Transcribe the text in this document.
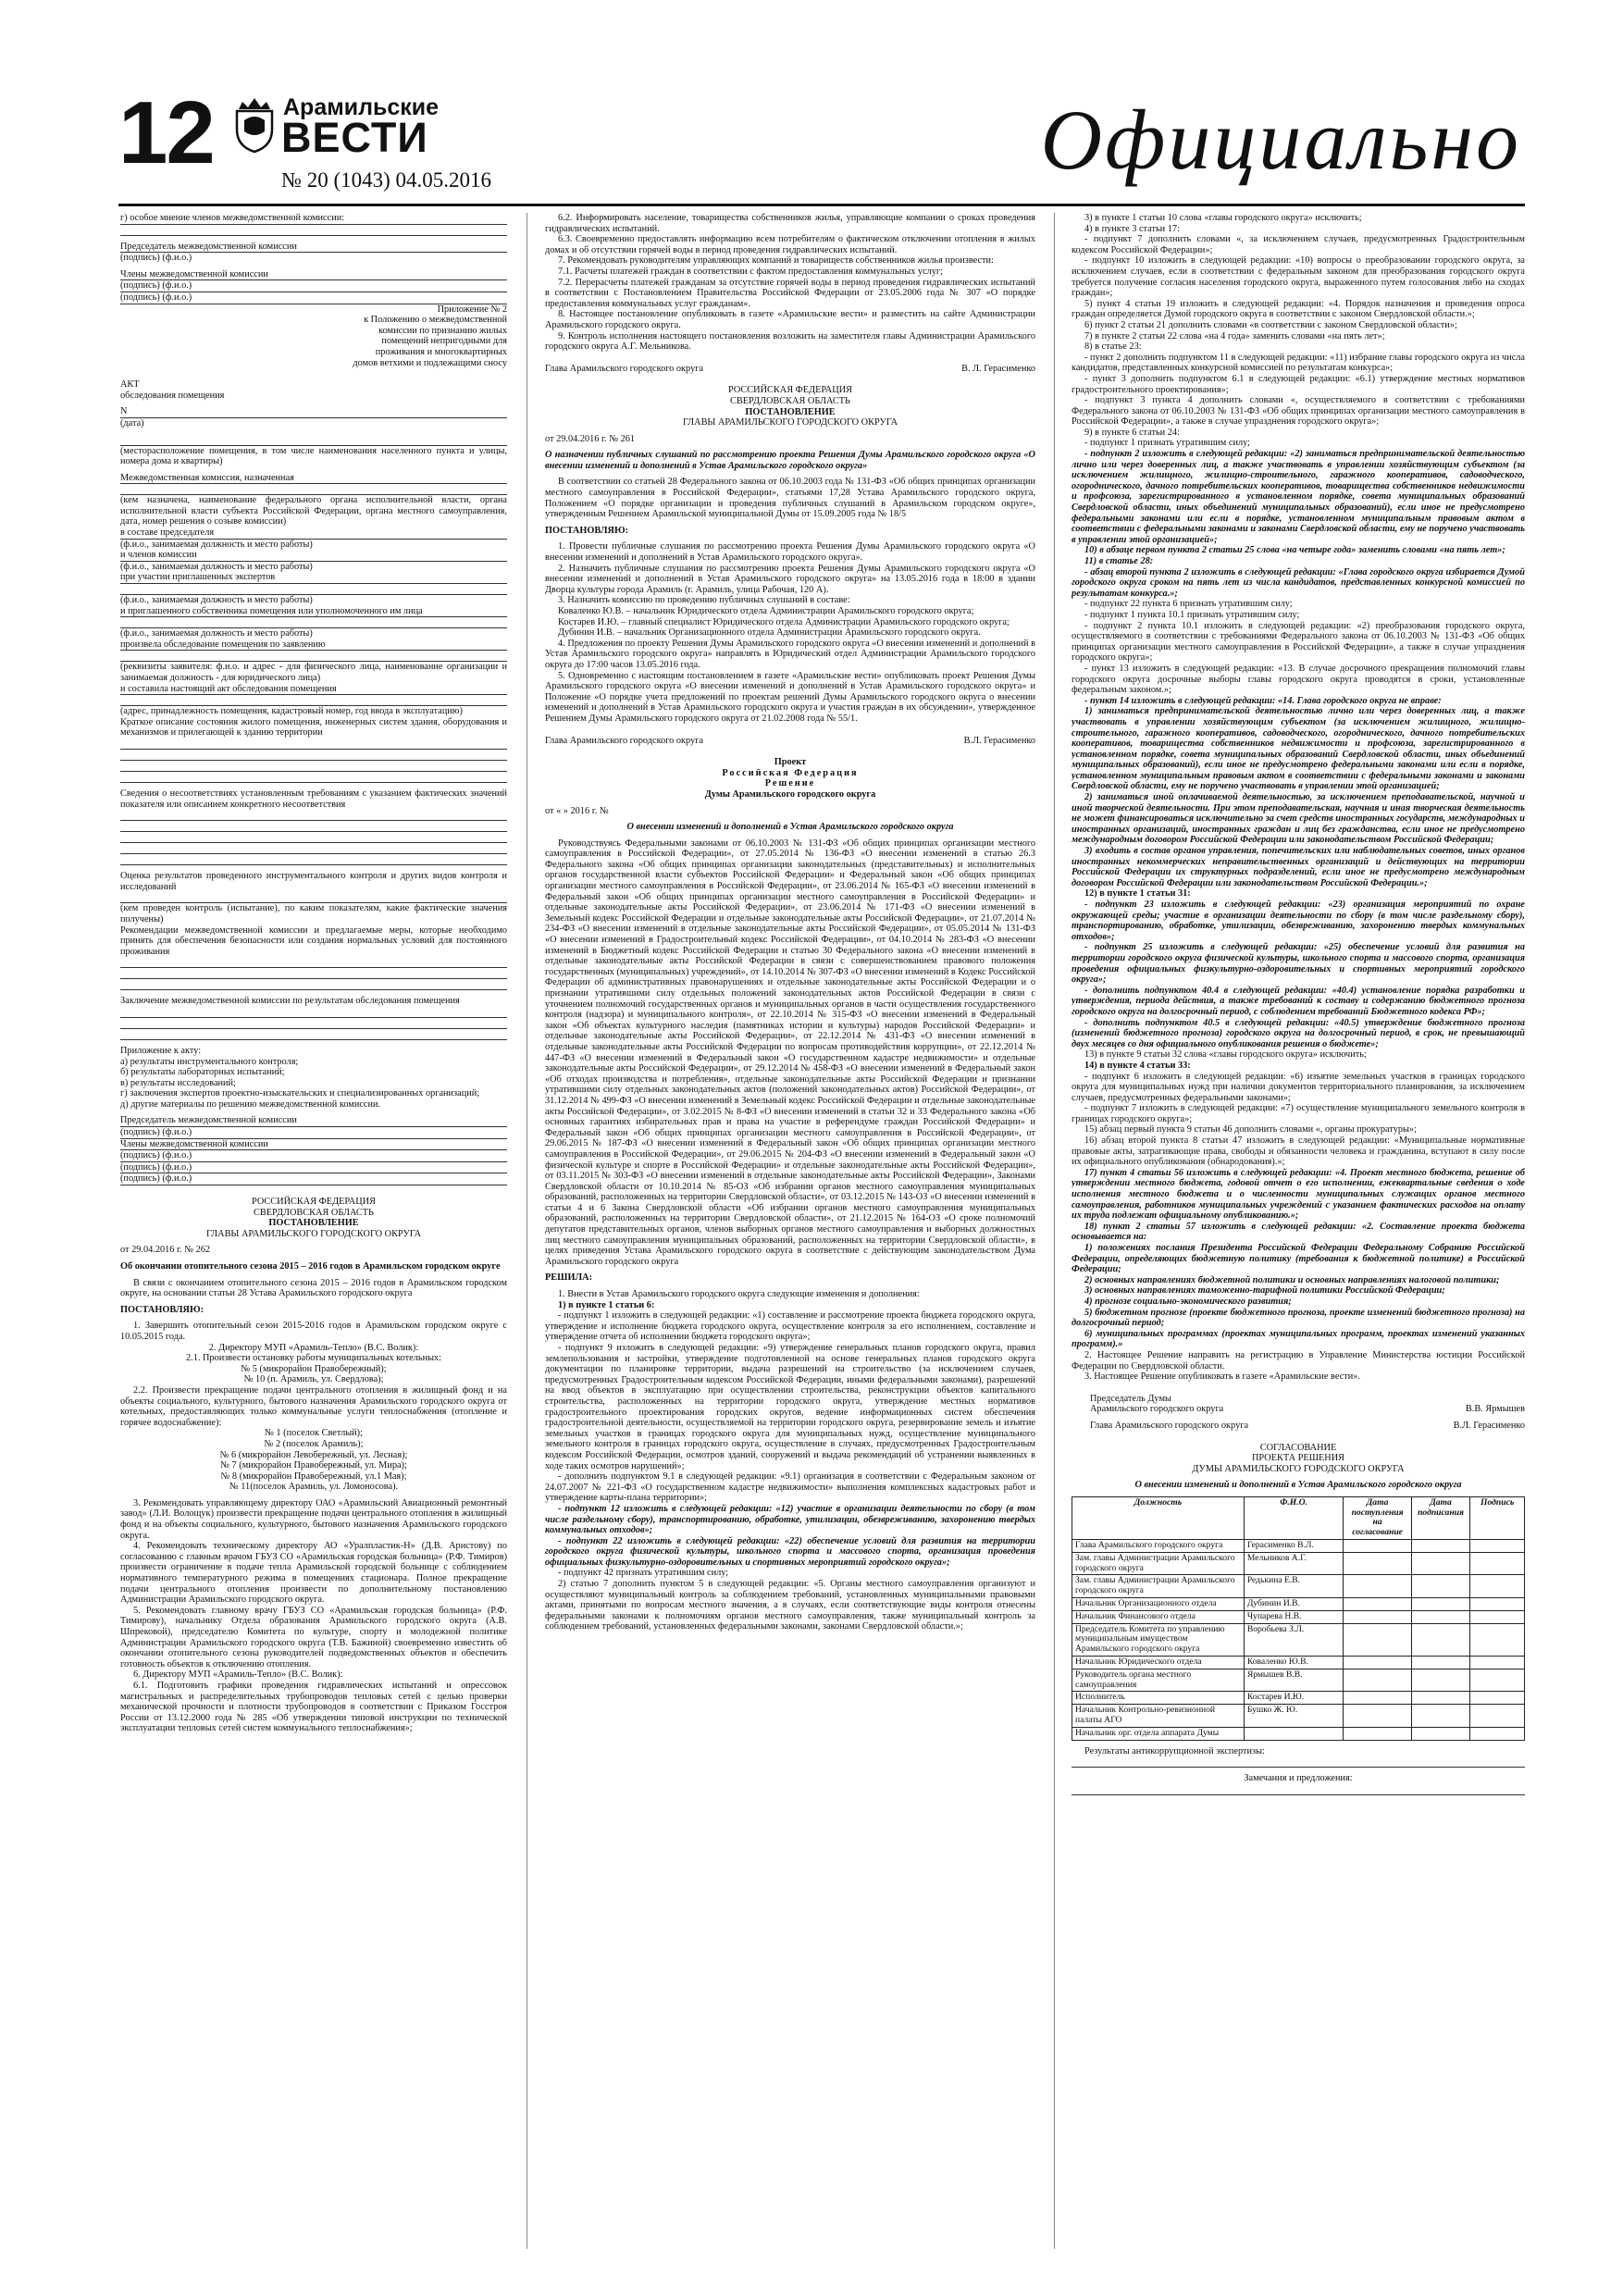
12	Арамильские
ВЕСТИ
№ 20 (1043) 04.05.2016	Официально
г) особое мнение членов межведомственной комиссии:
Председатель межведомственной комиссии
(подпись) (ф.и.о.)
Члены межведомственной комиссии
(подпись) (ф.и.о.)
(подпись) (ф.и.о.)
Приложение № 2
к Положению о межведомственной
комиссии по признанию жилых
помещений непригодными для
проживания и многоквартирных
домов ветхими и подлежащими сносу
АКТ
обследования помещения
N
(дата)
(месторасположение помещения, в том числе наименования населенного пункта и улицы, номера дома и квартиры)
Межведомственная комиссия, назначенная
(кем назначена, наименование федерального органа исполнительной власти, органа исполнительной власти субъекта Российской Федерации, органа местного самоуправления, дата, номер решения о созыве комиссии)
в составе председателя
(ф.и.о., занимаемая должность и место работы)
и членов комиссии
(ф.и.о., занимаемая должность и место работы)
при участии приглашенных экспертов
(ф.и.о., занимаемая должность и место работы)
и приглашенного собственника помещения или уполномоченного им лица
(ф.и.о., занимаемая должность и место работы)
произвела обследование помещения по заявлению
(реквизиты заявителя: ф.и.о. и адрес - для физического лица, наименование организации и занимаемая должность - для юридического лица)
и составила настоящий акт обследования помещения
(адрес, принадлежность помещения, кадастровый номер, год ввода в эксплуатацию)
Краткое описание состояния жилого помещения, инженерных систем здания, оборудования и механизмов и прилегающей к зданию территории
Сведения о несоответствиях установленным требованиям с указанием фактических значений показателя или описанием конкретного несоответствия
Оценка результатов проведенного инструментального контроля и других видов контроля и исследований
(кем проведен контроль (испытание), по каким показателям, какие фактические значения получены)
Рекомендации межведомственной комиссии и предлагаемые меры, которые необходимо принять для обеспечения безопасности или создания нормальных условий для постоянного проживания
Заключение межведомственной комиссии по результатам обследования помещения
Приложение к акту:
а) результаты инструментального контроля;
б) результаты лабораторных испытаний;
в) результаты исследований;
г) заключения экспертов проектно-изыскательских и специализированных организаций;
д) другие материалы по решению межведомственной комиссии.
Председатель межведомственной комиссии
(подпись) (ф.и.о.)
Члены межведомственной комиссии
(подпись) (ф.и.о.)
(подпись) (ф.и.о.)
(подпись) (ф.и.о.)
РОССИЙСКАЯ ФЕДЕРАЦИЯ
СВЕРДЛОВСКАЯ ОБЛАСТЬ
ПОСТАНОВЛЕНИЕ
ГЛАВЫ АРАМИЛЬСКОГО ГОРОДСКОГО ОКРУГА
от 29.04.2016 г. № 262
Об окончании отопительного сезона 2015 – 2016 годов в Арамильском городском округе
В связи с окончанием отопительного сезона 2015 – 2016 годов в Арамильском городском округе, на основании статьи 28 Устава Арамильского городского округа
ПОСТАНОВЛЯЮ:
1. Завершить отопительный сезон 2015-2016 годов в Арамильском городском округе с 10.05.2015 года.
2. Директору МУП «Арамиль-Тепло» (В.С. Волик):
2.1. Произвести остановку работы муниципальных котельных:
№ 5 (микрорайон Правобережный);
№ 10 (п. Арамиль, ул. Свердлова);
2.2. Произвести прекращение подачи центрального отопления в жилищный фонд и на объекты социального, культурного, бытового назначения Арамильского городского округа от котельных, предоставляющих только коммунальные услуги теплоснабжения (отопление и горячее водоснабжение):
№ 1 (поселок Светлый);
№ 2 (поселок Арамиль);
№ 6 (микрорайон Левобережный, ул. Лесная);
№ 7 (микрорайон Правобережный, ул. Мира);
№ 8 (микрорайон Правобережный, ул.1 Мая);
№ 11(поселок Арамиль, ул. Ломоносова).
3. Рекомендовать управляющему директору ОАО «Арамильский Авиационный ремонтный завод» (Л.И. Волощук) произвести прекращение подачи центрального отопления в жилищный фонд и на объекты социального, культурного, бытового назначения Арамильского городского округа.
4. Рекомендовать техническому директору АО «Уралпластик-Н» (Д.В. Аристову) по согласованию с главным врачом ГБУЗ СО «Арамильская городская больница» (Р.Ф. Тимиров) произвести ограничение в подаче тепла Арамильской городской больнице с соблюдением нормативного температурного режима в помещениях стационара. Полное прекращение подачи центрального отопления произвести по дополнительному постановлению Администрации Арамильского городского округа.
5. Рекомендовать главному врачу ГБУЗ СО «Арамильская городская больница» (Р.Ф. Тимирову), начальнику Отдела образования Арамильского городского округа (А.В. Шпрековой), председателю Комитета по культуре, спорту и молодежной политике Администрации Арамильского городского округа (Т.В. Бажиной) своевременно известить об окончании отопительного сезона руководителей подведомственных объектов и обеспечить готовность объектов к отключению отопления.
6. Директору МУП «Арамиль-Тепло» (В.С. Волик):
6.1. Подготовить графики проведения гидравлических испытаний и опрессовок магистральных и распределительных трубопроводов тепловых сетей с целью проверки механической прочности и плотности трубопроводов в соответствии с Приказом Госстроя России от 13.12.2000 года № 285 «Об утверждении типовой инструкции по технической эксплуатации тепловых сетей систем коммунального теплоснабжения»;
6.2. Информировать население, товарищества собственников жилья, управляющие компании о сроках проведения гидравлических испытаний.
6.3. Своевременно предоставлять информацию всем потребителям о фактическом отключении отопления в жилых домах и об отсутствии горячей воды в период проведения гидравлических испытаний.
7. Рекомендовать руководителям управляющих компаний и товариществ собственников жилья произвести:
7.1. Расчеты платежей граждан в соответствии с фактом предоставления коммунальных услуг;
7.2. Перерасчеты платежей гражданам за отсутствие горячей воды в период проведения гидравлических испытаний в соответствии с Постановлением Правительства Российской Федерации от 23.05.2006 года № 307 «О порядке предоставления коммунальных услуг гражданам».
8. Настоящее постановление опубликовать в газете «Арамильские вести» и разместить на сайте Администрации Арамильского городского округа.
9. Контроль исполнения настоящего постановления возложить на заместителя главы Администрации Арамильского городского округа А.Г. Мельникова.
Глава Арамильского городского округа	В. Л. Герасименко
РОССИЙСКАЯ ФЕДЕРАЦИЯ
СВЕРДЛОВСКАЯ ОБЛАСТЬ
ПОСТАНОВЛЕНИЕ
ГЛАВЫ АРАМИЛЬСКОГО ГОРОДСКОГО ОКРУГА
от 29.04.2016 г. № 261
О назначении публичных слушаний по рассмотрению проекта Решения Думы Арамильского городского округа «О внесении изменений и дополнений в Устав Арамильского городского округа»
В соответствии со статьей 28 Федерального закона от 06.10.2003 года № 131-ФЗ «Об общих принципах организации местного самоуправления в Российской Федерации», статьями 17,28 Устава Арамильского городского округа, Положением «О порядке организации и проведения публичных слушаний в Арамильском городском округе», утвержденным Решением Арамильской муниципальной Думы от 15.09.2005 года № 18/5
ПОСТАНОВЛЯЮ:
1. Провести публичные слушания по рассмотрению проекта Решения Думы Арамильского городского округа «О внесении изменений и дополнений в Устав Арамильского городского округа».
2. Назначить публичные слушания по рассмотрению проекта Решения Думы Арамильского городского округа «О внесении изменений и дополнений в Устав Арамильского городского округа» на 13.05.2016 года в 18:00 в здании Дворца культуры города Арамиль (г. Арамиль, улица Рабочая, 120 А).
3. Назначить комиссию по проведению публичных слушаний в составе:
Коваленко Ю.В. – начальник Юридического отдела Администрации Арамильского городского округа;
Костарев И.Ю. – главный специалист Юридического отдела Администрации Арамильского городского округа;
Дубинин И.В. – начальник Организационного отдела Администрации Арамильского городского округа.
4. Предложения по проекту Решения Думы Арамильского городского округа «О внесении изменений и дополнений в Устав Арамильского городского округа» направлять в Юридический отдел Администрации Арамильского городского округа до 17:00 часов 13.05.2016 года.
5. Одновременно с настоящим постановлением в газете «Арамильские вести» опубликовать проект Решения Думы Арамильского городского округа «О внесении изменений и дополнений в Устав Арамильского городского округа» и Положение «О порядке учета предложений по проектам решений Думы Арамильского городского округа о внесении изменений и дополнений в Устав Арамильского городского округа и участия граждан в их обсуждении», утвержденное Решением Думы Арамильского городского округа от 21.02.2008 года № 55/1.
Глава Арамильского городского округа	В.Л. Герасименко
Проект
Российская Федерация
Решение
Думы Арамильского городского округа
от « » 2016 г. №
О внесении изменений и дополнений в Устав Арамильского городского округа
Руководствуясь Федеральными законами от 06.10.2003 № 131-ФЗ «Об общих принципах организации местного самоуправления в Российской Федерации», от 27.05.2014 № 136-ФЗ «О внесении изменений в статью 26.3 Федерального закона «Об общих принципах организации законодательных (представительных) и исполнительных органов государственной власти субъектов Российской Федерации» и Федеральный закон «Об общих принципах организации местного самоуправления в Российской Федерации», от 23.06.2014 № 165-ФЗ «О внесении изменений в Федеральный закон «Об общих принципах организации местного самоуправления в Российской Федерации» и отдельные законодательные акты Российской Федерации», от 23.06.2014 № 171-ФЗ «О внесении изменений в Земельный кодекс Российской Федерации и отдельные законодательные акты Российской Федерации», от 21.07.2014 № 234-ФЗ «О внесении изменений в отдельные законодательные акты Российской Федерации», от 05.05.2014 № 131-ФЗ «О внесении изменений в Градостроительный кодекс Российской Федерации», от 04.10.2014 № 283-ФЗ «О внесении изменений в Бюджетный кодекс Российской Федерации и статью 30 Федерального закона «О внесении изменений в отдельные законодательные акты Российской Федерации в связи с совершенствованием правового положения государственных (муниципальных) учреждений», от 14.10.2014 № 307-ФЗ «О внесении изменений в Кодекс Российской Федерации об административных правонарушениях и отдельные законодательные акты Российской Федерации и о признании утратившими силу отдельных положений законодательных актов Российской Федерации в связи с уточнением полномочий государственных органов и муниципальных органов в части осуществления государственного контроля (надзора) и муниципального контроля», от 22.10.2014 № 315-ФЗ «О внесении изменений в Федеральный закон «Об объектах культурного наследия (памятниках истории и культуры) народов Российской Федерации» и отдельные законодательные акты Российской Федерации», от 22.12.2014 № 431-ФЗ «О внесении изменений в отдельные законодательные акты Российской Федерации по вопросам противодействия коррупции», от 22.12.2014 № 447-ФЗ «О внесении изменений в Федеральный закон «О государственном кадастре недвижимости» и отдельные законодательные акты Российской Федерации», от 29.12.2014 № 458-ФЗ «О внесении изменений в Федеральный закон «Об отходах производства и потребления», отдельные законодательные акты Российской Федерации и признании утратившими силу отдельных законодательных актов (положений законодательных актов) Российской Федерации», от 31.12.2014 № 499-ФЗ «О внесении изменений в Земельный кодекс Российской Федерации и отдельные законодательные акты Российской Федерации», от 3.02.2015 № 8-ФЗ «О внесении изменений в статьи 32 и 33 Федерального закона «Об основных гарантиях избирательных прав и права на участие в референдуме граждан Российской Федерации» и Федеральный закон «Об общих принципах организации местного самоуправления в Российской Федерации», от 29.06.2015 № 187-ФЗ «О внесении изменений в Федеральный закон «Об общих принципах организации местного самоуправления в Российской Федерации», от 29.06.2015 № 204-ФЗ «О внесении изменений в Федеральный закон «О физической культуре и спорте в Российской Федерации» и отдельные законодательные акты Российской Федерации», от 03.11.2015 № 303-ФЗ «О внесении изменений в отдельные законодательные акты Российской Федерации», Законами Свердловской области от 10.10.2014 № 85-ОЗ «Об избрании органов местного самоуправления муниципальных образований, расположенных на территории Свердловской области», от 03.12.2015 № 143-ОЗ «О внесении изменений в статьи 4 и 6 Закона Свердловской области «Об избрании органов местного самоуправления муниципальных образований, расположенных на территории Свердловской области», от 21.12.2015 № 164-ОЗ «О сроке полномочий депутатов представительных органов, членов выборных органов местного самоуправления и выборных должностных лиц местного самоуправления муниципальных образований, расположенных на территории Свердловской области», в целях приведения Устава Арамильского городского округа в соответствие с действующим законодательством Дума Арамильского городского округа
РЕШИЛА:
1. Внести в Устав Арамильского городского округа следующие изменения и дополнения:
1) в пункте 1 статьи 6:
- подпункт 1 изложить в следующей редакции: «1) составление и рассмотрение проекта бюджета городского округа, утверждение и исполнение бюджета городского округа, осуществление контроля за его исполнением, составление и утверждение отчета об исполнении бюджета городского округа»;
- подпункт 9 изложить в следующей редакции: «9) утверждение генеральных планов городского округа, правил землепользования и застройки, утверждение подготовленной на основе генеральных планов городского округа документации по планировке территории, выдача разрешений на строительство (за исключением случаев, предусмотренных Градостроительным кодексом Российской Федерации, иными федеральными законами), разрешений на ввод объектов в эксплуатацию при осуществлении строительства, реконструкции объектов капитального строительства, расположенных на территории городского округа, утверждение местных нормативов градостроительного проектирования городских округов, ведение информационных систем обеспечения градостроительной деятельности, осуществляемой на территории городского округа, резервирование земель и изъятие земельных участков в границах городского округа для муниципальных нужд, осуществление муниципального земельного контроля в границах городского округа, осуществление в случаях, предусмотренных Градостроительным кодексом Российской Федерации, осмотров зданий, сооружений и выдача рекомендаций об устранении выявленных в ходе таких осмотров нарушений»;
- дополнить подпунктом 9.1 в следующей редакции: «9.1) организация в соответствии с Федеральным законом от 24.07.2007 № 221-ФЗ «О государственном кадастре недвижимости» выполнения комплексных кадастровых работ и утверждение карты-плана территории»;
- подпункт 12 изложить в следующей редакции: «12) участие в организации деятельности по сбору (в том числе раздельному сбору), транспортированию, обработке, утилизации, обезвреживанию, захоронению твердых коммунальных отходов»;
- подпункт 22 изложить в следующей редакции: «22) обеспечение условий для развития на территории городского округа физической культуры, школьного спорта и массового спорта, организация проведения официальных физкультурно-оздоровительных и спортивных мероприятий городского округа»;
- подпункт 42 признать утратившим силу;
2) статью 7 дополнить пунктом 5 в следующей редакции: «5. Органы местного самоуправления организуют и осуществляют муниципальный контроль за соблюдением требований, установленных муниципальными правовыми актами, принятыми по вопросам местного значения, а в случаях, если соответствующие виды контроля отнесены федеральными законами к полномочиям органов местного самоуправления, также муниципальный контроль за соблюдением требований, установленных федеральными законами, законами Свердловской области.»;
3) в пункте 1 статьи 10 слова «главы городского округа» исключить;
4) в пункте 3 статьи 17:
- подпункт 7 дополнить словами «, за исключением случаев, предусмотренных Градостроительным кодексом Российской Федерации»;
- подпункт 10 изложить в следующей редакции: «10) вопросы о преобразовании городского округа, за исключением случаев, если в соответствии с федеральным законом для преобразования городского округа требуется получение согласия населения городского округа, выраженного путем голосования либо на сходах граждан»;
5) пункт 4 статьи 19 изложить в следующей редакции: «4. Порядок назначения и проведения опроса граждан определяется Думой городского округа в соответствии с законом Свердловской области.»;
6) пункт 2 статьи 21 дополнить словами «в соответствии с законом Свердловской области»;
7) в пункте 2 статьи 22 слова «на 4 года» заменить словами «на пять лет»;
8) в статье 23:
- пункт 2 дополнить подпунктом 11 в следующей редакции: «11) избрание главы городского округа из числа кандидатов, представленных конкурсной комиссией по результатам конкурса»;
- пункт 3 дополнить подпунктом 6.1 в следующей редакции: «6.1) утверждение местных нормативов градостроительного проектирования»;
- подпункт 3 пункта 4 дополнить словами «, осуществляемого в соответствии с требованиями Федерального закона от 06.10.2003 № 131-ФЗ «Об общих принципах организации местного самоуправления в Российской Федерации», а также в случае упразднения городского округа»;
9) в пункте 6 статьи 24:
- подпункт 1 признать утратившим силу;
- подпункт 2 изложить в следующей редакции: «2) заниматься предпринимательской деятельностью лично или через доверенных лиц, а также участвовать в управлении хозяйствующим субъектом (за исключением жилищного, жилищно-строительного, гаражного кооперативов, садоводческого, огороднического, дачного потребительских кооперативов, товарищества собственников недвижимости и профсоюза, зарегистрированного в установленном порядке, совета муниципальных образований Свердловской области, иных объединений муниципальных образований), если иное не предусмотрено федеральными законами или если в порядке, установленном муниципальным правовым актом в соответствии с федеральными законами и законами Свердловской области, ему не поручено участвовать в управлении этой организацией»;
10) в абзаце первом пункта 2 статьи 25 слова «на четыре года» заменить словами «на пять лет»;
11) в статье 28:
- абзац второй пункта 2 изложить в следующей редакции: «Глава городского округа избирается Думой городского округа сроком на пять лет из числа кандидатов, представленных конкурсной комиссией по результатам конкурса.»;
- подпункт 22 пункта 6 признать утратившим силу;
- подпункт 1 пункта 10.1 признать утратившим силу;
- подпункт 2 пункта 10.1 изложить в следующей редакции: «2) преобразования городского округа, осуществляемого в соответствии с требованиями Федерального закона от 06.10.2003 № 131-ФЗ «Об общих принципах организации местного самоуправления в Российской Федерации», а также в случае упразднения городского округа»;
- пункт 13 изложить в следующей редакции: «13. В случае досрочного прекращения полномочий главы городского округа досрочные выборы главы городского округа проводятся в сроки, установленные федеральным законом.»;
- пункт 14 изложить в следующей редакции: «14. Глава городского округа не вправе:
1) заниматься предпринимательской деятельностью лично или через доверенных лиц, а также участвовать в управлении хозяйствующим субъектом (за исключением жилищного, жилищно-строительного, гаражного кооперативов, садоводческого, огороднического, дачного потребительских кооперативов, товарищества собственников недвижимости и профсоюза, зарегистрированного в установленном порядке, совета муниципальных образований Свердловской области, иных объединений муниципальных образований), если иное не предусмотрено федеральными законами или если в порядке, установленном муниципальным правовым актом в соответствии с федеральными законами и законами Свердловской области, ему не поручено участвовать в управлении этой организацией;
2) заниматься иной оплачиваемой деятельностью, за исключением преподавательской, научной и иной творческой деятельности. При этом преподавательская, научная и иная творческая деятельность не может финансироваться исключительно за счет средств иностранных государств, международных и иностранных организаций, иностранных граждан и лиц без гражданства, если иное не предусмотрено международным договором Российской Федерации или законодательством Российской Федерации;
3) входить в состав органов управления, попечительских или наблюдательных советов, иных органов иностранных некоммерческих неправительственных организаций и действующих на территории Российской Федерации их структурных подразделений, если иное не предусмотрено международным договором Российской Федерации или законодательством Российской Федерации.»;
12) в пункте 1 статьи 31:
- подпункт 23 изложить в следующей редакции: «23) организация мероприятий по охране окружающей среды; участие в организации деятельности по сбору (в том числе раздельному сбору), транспортированию, обработке, утилизации, обезвреживанию, захоронению твердых коммунальных отходов»;
- подпункт 25 изложить в следующей редакции: «25) обеспечение условий для развития на территории городского округа физической культуры, школьного спорта и массового спорта, организация проведения официальных физкультурно-оздоровительных и спортивных мероприятий городского округа»;
- дополнить подпунктом 40.4 в следующей редакции: «40.4) установление порядка разработки и утверждения, периода действия, а также требований к составу и содержанию бюджетного прогноза городского округа на долгосрочный период, с соблюдением требований Бюджетного кодекса РФ»;
- дополнить подпунктом 40.5 в следующей редакции: «40.5) утверждение бюджетного прогноза (изменений бюджетного прогноза) городского округа на долгосрочный период, в срок, не превышающий двух месяцев со дня официального опубликования решения о бюджете»;
13) в пункте 9 статьи 32 слова «главы городского округа» исключить;
14) в пункте 4 статьи 33:
- подпункт 6 изложить в следующей редакции: «6) изъятие земельных участков в границах городского округа для муниципальных нужд при наличии документов территориального планирования, за исключением случаев, предусмотренных федеральными законами»;
- подпункт 7 изложить в следующей редакции: «7) осуществление муниципального земельного контроля в границах городского округа»;
15) абзац первый пункта 9 статьи 46 дополнить словами «, органы прокуратуры»;
16) абзац второй пункта 8 статьи 47 изложить в следующей редакции: «Муниципальные нормативные правовые акты, затрагивающие права, свободы и обязанности человека и гражданина, вступают в силу после их официального опубликования (обнародования).»;
17) пункт 4 статьи 56 изложить в следующей редакции: «4. Проект местного бюджета, решение об утверждении местного бюджета, годовой отчет о его исполнении, ежеквартальные сведения о ходе исполнения местного бюджета и о численности муниципальных служащих органов местного самоуправления, работников муниципальных учреждений с указанием фактических расходов на оплату их труда подлежат официальному опубликованию.»;
18) пункт 2 статьи 57 изложить в следующей редакции: «2. Составление проекта бюджета основывается на:
1) положениях послания Президента Российской Федерации Федеральному Собранию Российской Федерации, определяющих бюджетную политику (требования к бюджетной политике) в Российской Федерации;
2) основных направлениях бюджетной политики и основных направлениях налоговой политики;
3) основных направлениях таможенно-тарифной политики Российской Федерации;
4) прогнозе социально-экономического развития;
5) бюджетном прогнозе (проекте бюджетного прогноза, проекте изменений бюджетного прогноза) на долгосрочный период;
6) муниципальных программах (проектах муниципальных программ, проектах изменений указанных программ).»
2. Настоящее Решение направить на регистрацию в Управление Министерства юстиции Российской Федерации по Свердловской области.
3. Настоящее Решение опубликовать в газете «Арамильские вести».
Председатель Думы
Арамильского городского округа	В.В. Ярмышев
Глава Арамильского городского округа	В.Л. Герасименко
СОГЛАСОВАНИЕ
ПРОЕКТА РЕШЕНИЯ
ДУМЫ АРАМИЛЬСКОГО ГОРОДСКОГО ОКРУГА
О внесении изменений и дополнений в Устав Арамильского городского округа
Должность	Ф.И.О.	Дата поступления на согласование	Дата подписания	Подпись
Глава Арамильского городского округа	Герасименко В.Л.			
Зам. главы Администрации Арамильского городского округа	Мельников А.Г.			
Зам. главы Администрации Арамильского городского округа	Редькина Е.В.			
Начальник Организационного отдела	Дубинин И.В.			
Начальник Финансового отдела	Чупарева Н.В.			
Председатель Комитета по управлению муниципальным имуществом Арамильского городского округа	Воробьева З.Л.			
Начальник Юридического отдела	Коваленко Ю.В.			
Руководитель органа местного самоуправления	Ярмышев В.В.			
Исполнитель	Костарев И.Ю.			
Начальник Контрольно-ревизионной палаты АГО	Бушко Ж. Ю.			
Начальник орг. отдела аппарата Думы				
Результаты антикоррупционной экспертизы:
Замечания и предложения:
